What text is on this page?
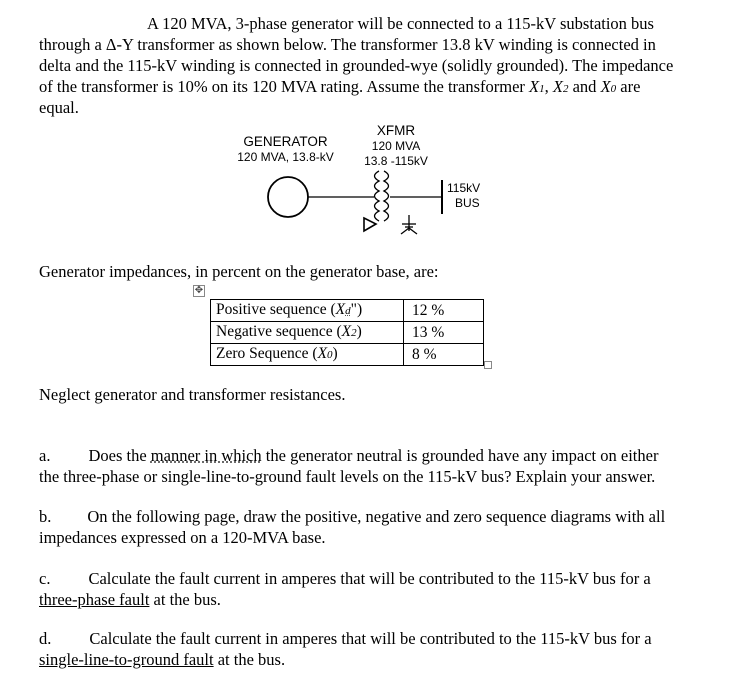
A 120 MVA, 3-phase generator will be connected to a 115-kV substation bus
through a Δ-Y transformer as shown below. The transformer 13.8 kV winding is connected in
delta and the 115-kV winding is connected in grounded-wye (solidly grounded). The impedance
of the transformer is 10% on its 120 MVA rating. Assume the transformer X1, X2 and X0 are
equal.
GENERATOR
120 MVA, 13.8-kV
XFMR
120 MVA
13.8 -115kV
115kV
BUS
Generator impedances, in percent on the generator base, are:
✥
Positive sequence (Xd")	12 %
Negative sequence (X2)	13 %
Zero Sequence (X0)	8 %
Neglect generator and transformer resistances.
a. Does the manner in which the generator neutral is grounded have any impact on either
the three-phase or single-line-to-ground fault levels on the 115-kV bus? Explain your answer.
b. On the following page, draw the positive, negative and zero sequence diagrams with all
impedances expressed on a 120-MVA base.
c. Calculate the fault current in amperes that will be contributed to the 115-kV bus for a
three-phase fault at the bus.
d. Calculate the fault current in amperes that will be contributed to the 115-kV bus for a
single-line-to-ground fault at the bus.
